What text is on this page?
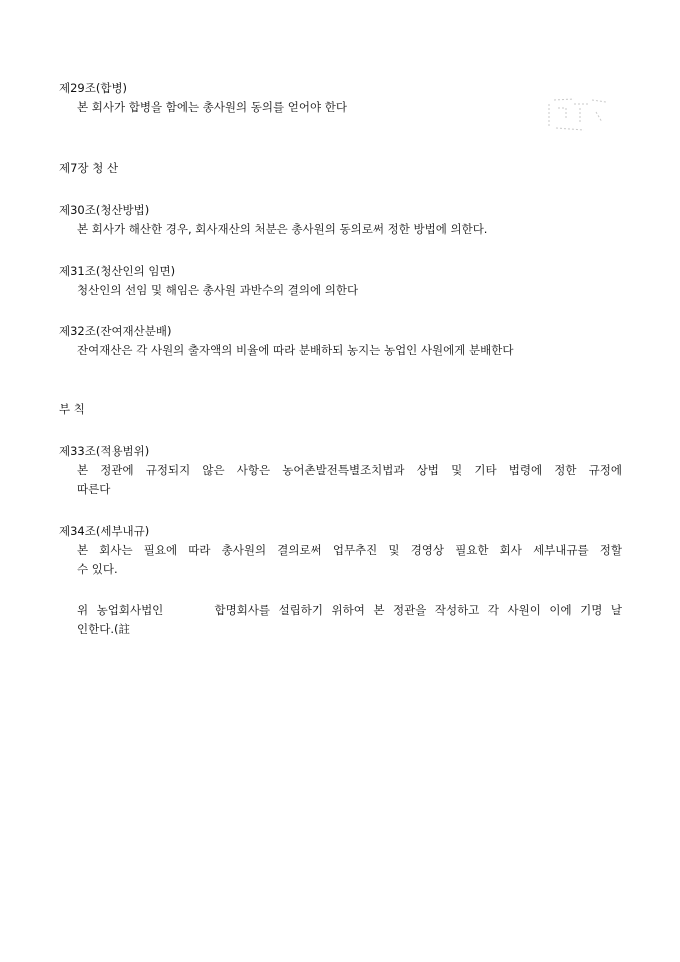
제29조(합병)
본 회사가 합병을 함에는 총사원의 동의를 얻어야 한다
제7장 청 산
제30조(청산방법)
본 회사가 해산한 경우, 회사재산의 처분은 총사원의 동의로써 정한 방법에 의한다.
제31조(청산인의 임면)
청산인의 선임 및 해임은 총사원 과반수의 결의에 의한다
제32조(잔여재산분배)
잔여재산은 각 사원의 출자액의 비율에 따라 분배하되 농지는 농업인 사원에게 분배한다
부 칙
제33조(적용범위)
본 정관에 규정되지 않은 사항은 농어촌발전특별조치법과 상법 및 기타 법령에 정한 규정에
따른다
제34조(세부내규)
본 회사는 필요에 따라 총사원의 결의로써 업무추진 및 경영상 필요한 회사 세부내규를 정할
수 있다.
위 농업회사법인      합명회사를 설립하기 위하여 본 정관을 작성하고 각 사원이 이에 기명 날
인한다.(註
